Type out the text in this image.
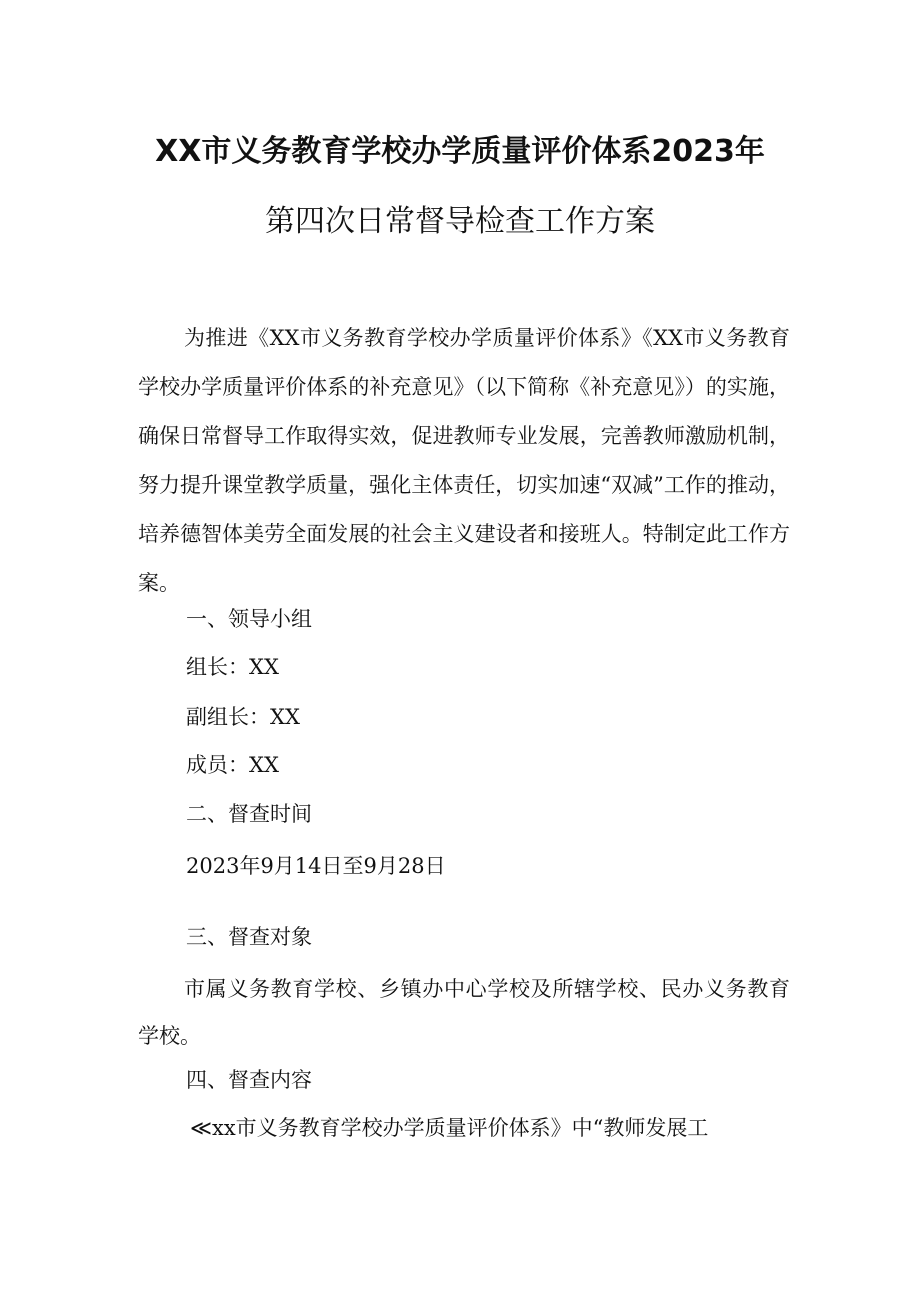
XX市义务教育学校办学质量评价体系2023年
第四次日常督导检查工作方案
为推进《XX市义务教育学校办学质量评价体系》《XX市义务教育学校办学质量评价体系的补充意见》（以下简称《补充意见》）的实施，确保日常督导工作取得实效，促进教师专业发展，完善教师激励机制，努力提升课堂教学质量，强化主体责任，切实加速“双减”工作的推动，培养德智体美劳全面发展的社会主义建设者和接班人。特制定此工作方案。
一、领导小组
组长：XX
副组长：XX
成员：XX
二、督查时间
2023年9月14日至9月28日
三、督查对象
市属义务教育学校、乡镇办中心学校及所辖学校、民办义务教育学校。
四、督查内容
≪xx市义务教育学校办学质量评价体系》中“教师发展工
